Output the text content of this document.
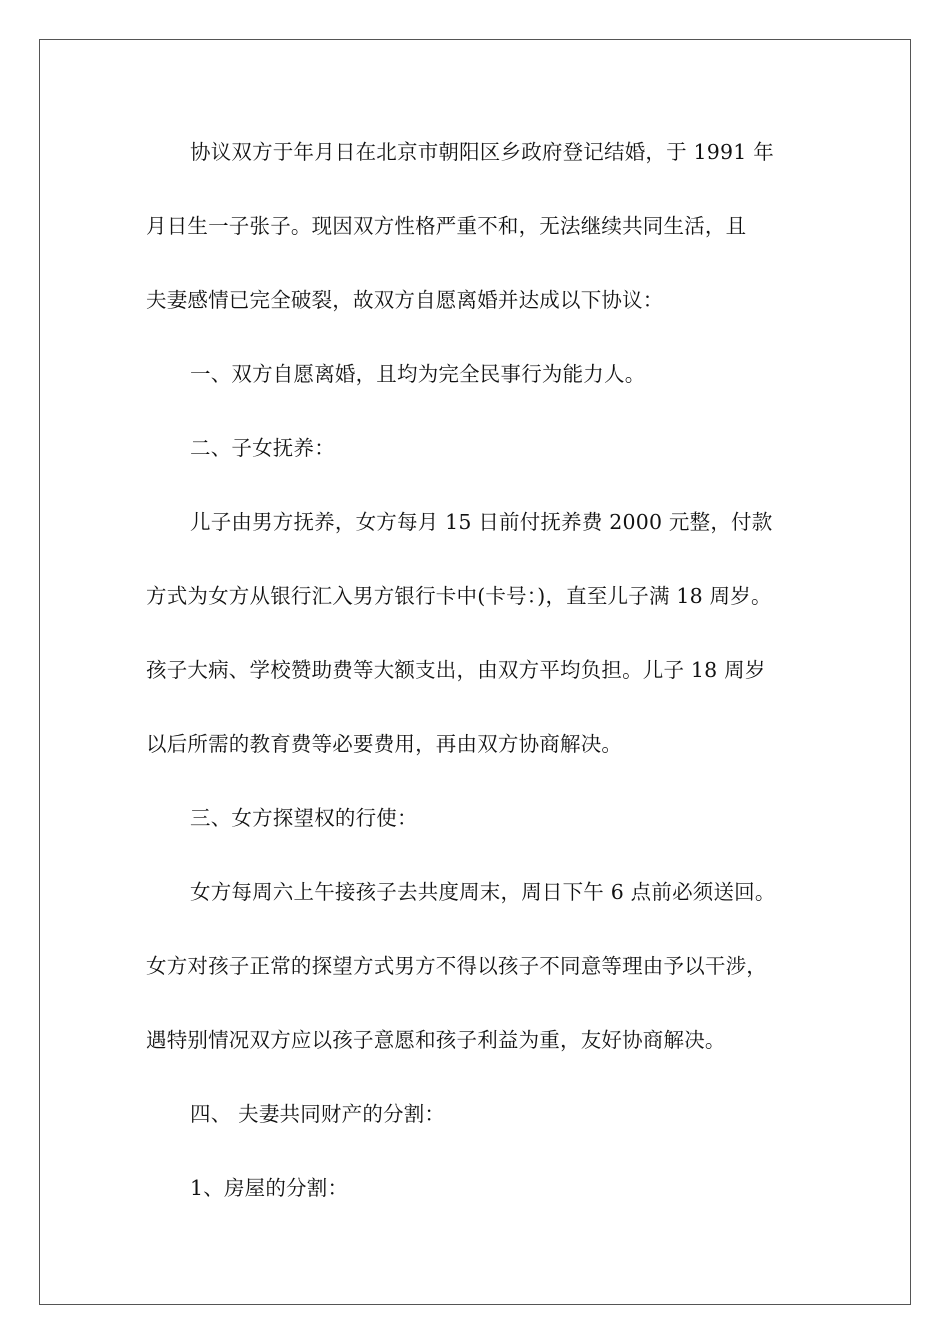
协议双方于年月日在北京市朝阳区乡政府登记结婚，于 1991 年
月日生一子张子。现因双方性格严重不和，无法继续共同生活，且
夫妻感情已完全破裂，故双方自愿离婚并达成以下协议：
一、双方自愿离婚，且均为完全民事行为能力人。
二、子女抚养：
儿子由男方抚养，女方每月 15 日前付抚养费 2000 元整，付款
方式为女方从银行汇入男方银行卡中(卡号：)，直至儿子满 18 周岁。
孩子大病、学校赞助费等大额支出，由双方平均负担。儿子 18 周岁
以后所需的教育费等必要费用，再由双方协商解决。
三、女方探望权的行使：
女方每周六上午接孩子去共度周末，周日下午 6 点前必须送回。
女方对孩子正常的探望方式男方不得以孩子不同意等理由予以干涉，
遇特别情况双方应以孩子意愿和孩子利益为重，友好协商解决。
四、 夫妻共同财产的分割：
1、房屋的分割：
